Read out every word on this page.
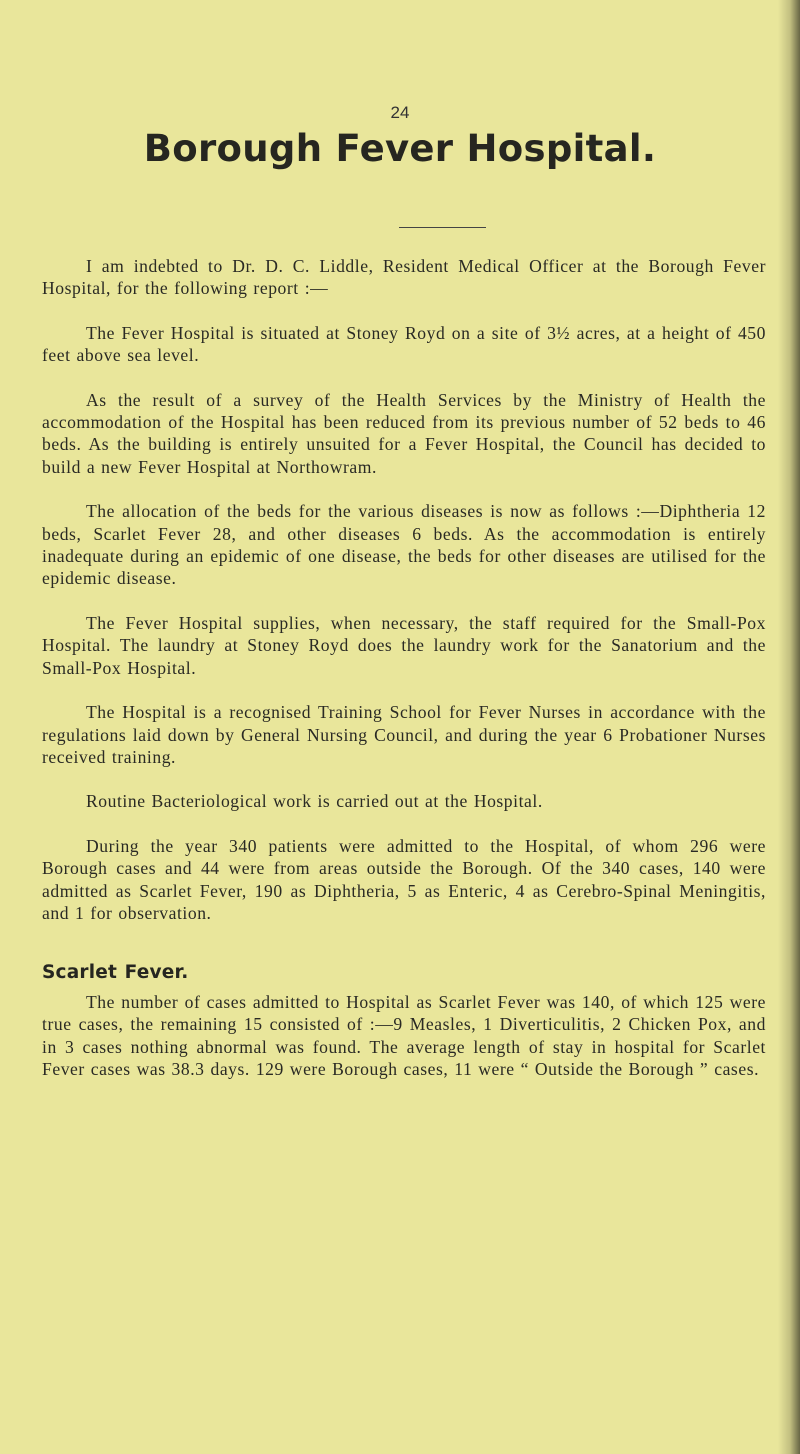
24
Borough Fever Hospital.

I am indebted to Dr. D. C. Liddle, Resident Medical Officer at the Borough Fever Hospital, for the following report :—

The Fever Hospital is situated at Stoney Royd on a site of 3½ acres, at a height of 450 feet above sea level.

As the result of a survey of the Health Services by the Ministry of Health the accommodation of the Hospital has been reduced from its previous number of 52 beds to 46 beds. As the building is entirely unsuited for a Fever Hospital, the Council has decided to build a new Fever Hospital at Northowram.

The allocation of the beds for the various diseases is now as follows :—Diphtheria 12 beds, Scarlet Fever 28, and other diseases 6 beds. As the accommodation is entirely inadequate during an epidemic of one disease, the beds for other diseases are utilised for the epidemic disease.

The Fever Hospital supplies, when necessary, the staff required for the Small-Pox Hospital. The laundry at Stoney Royd does the laundry work for the Sanatorium and the Small-Pox Hospital.

The Hospital is a recognised Training School for Fever Nurses in accordance with the regulations laid down by General Nursing Council, and during the year 6 Probationer Nurses received training.

Routine Bacteriological work is carried out at the Hospital.

During the year 340 patients were admitted to the Hospital, of whom 296 were Borough cases and 44 were from areas outside the Borough. Of the 340 cases, 140 were admitted as Scarlet Fever, 190 as Diphtheria, 5 as Enteric, 4 as Cerebro-Spinal Meningitis, and 1 for observation.

Scarlet Fever.

The number of cases admitted to Hospital as Scarlet Fever was 140, of which 125 were true cases, the remaining 15 consisted of :—9 Measles, 1 Diverticulitis, 2 Chicken Pox, and in 3 cases nothing abnormal was found. The average length of stay in hospital for Scarlet Fever cases was 38.3 days. 129 were Borough cases, 11 were “ Outside the Borough ” cases.
